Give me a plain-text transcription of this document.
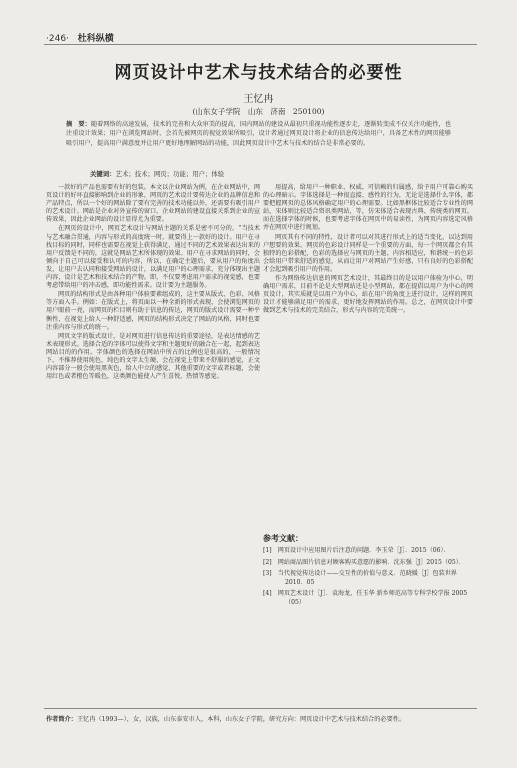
·246· 杜科纵横
网页设计中艺术与技术结合的必要性
王忆冉
(山东女子学院　山东　济南　250100)
摘　要：随着网络的高速发展，技术的完善和大众审美的提高，国内网站的建设从最初只重视功能性逐步走，逐渐转变成不仅关注功能性，也注重设计效果；用户在浏览网站时，会首先被网页的视觉效果所吸引，设计者通过网页设计将企业的信息传达给用户，具备艺术性的网页能够吸引用户，提高用户满意度并让用户更好地理解网站的功能，因此网页设计中艺术与技术的结合是非常必要的。
关键词：艺术；技术；网页；功能；用户；体验

一款好的产品也需要有好的包装。本文以企业网站为例，在企业网站中，网页设计的好坏直接影响到企业的形象，网页的艺术设计要传达企业的品牌信息和产品特点，所以一个好的网站除了要有完善的技术功能以外，还需要有吸引用户的艺术设计。网站是企业对外宣传的窗口，企业网站的建设直接关系到企业的宣传效果，因此企业网站的设计显得尤为重要。

在网页的设计中，网页艺术设计与网站主题的关系是密不可分的，“当技术与艺术融合贯通，内容与形式的高度统一时，就要得上一款好的设计。用户在寻找目标的同时，同样也需要在视觉上获得满足，通过不同的艺术效果表达出来的用户反馈是不同的，这就是网站艺术所体现的效果。用户在寻求网站的同时，会倾向于自己可以接受和认可的内容，所以，在确定主题后，要从用户的角度出发，让用户去认同和接受网站的设计，以满足用户的心理需求，充分体现出主题内容，设计是艺术和技术结合的产物。即，不仅要考虑用户需求的视觉感，也要考虑带给用户的冲击感，即功能性需求。设计要为主题服务。

网页的结构形式是由各种用户体验要素组成的，这主要从版式、色彩、风格等方面入手。例如：在版式上，将页面以一种全新的形式表现，会使浏览网页的用户眼前一亮，而网页的栏目则有助于信息的传达，网页的版式设计需要一种平衡性，在视觉上给人一种舒适感，网页的结构形式决定了网站的风格，同时也要注重内容与形式的统一。

网页文字的版式设计，是对网页进行信息传达的重要途径，是表达情感的艺术表现形式。选择合适的字体可以使得文字和主题更好的融合在一起，起到表达网站目的的作用。字体颜色的选择在网站中所占的比例也是很高的，一般情况下，不推荐使用纯色，纯色的文字太生硬，会在视觉上带来不舒服的感觉，正文内容部分一般会使用黑灰色，给人中立的感觉，其他重要的文字或者标题，会使用红色或者橙色等暖色，这类颜色能使人产生喜悦、热情等感觉。

用提高，给用户一种职业、权威、可信赖的归属感，给予用户可靠心购买的心理暗示。字体选择是一种很直接、感性的行为，无论是选择什么字体，都要把握网页的总体风格确定用户的心理需要。比如黑框体比较适合专业性的网站，宋体则比较适合资讯类网站，等，仿宋体适合表现古典、传统类的网页。而在选择字体的时候，也要考虑字体在网页中的易读性，为网页内容选定风格并在网页中进行规划。

网页其有不同的特性，设计者可以对其进行形式上的适当变化，以达到用户想要的效果。网页的色彩设计同样是一个重要的方面，每一个网页都会有其独特的色彩搭配，色彩的选择应与网页的主题、内容相适应，和谐统一的色彩会给用户带来舒适的感觉，从而让用户对网站产生好感，只有良好的色彩搭配才会起到吸引用户的作用。

作为网络传达信息的网页艺术设计，其最终目的是以用户体验为中心，明确用户需求，目前不论是大型网站还是小型网站，都在提倡以用户为中心的网页设计，其实质就是以用户为中心，站在用户的角度上进行设计，这样的网页设计才能够满足用户的需求，更好地发挥网站的作用。总之，在网页设计中要做到艺术与技术的完美结合，形式与内容的完美统一。

参考文献：
[1]　网页设计中应用图片后注意的问题．李玉荣［J］．2015（06）．
[2]　网站商品图片信息对顾客购买意愿的影响．沈东强［J］2015（05）．
[3]　当代视觉传达设计——交互性的价值与意义．范晓媛［J］包装世界 2010．05
[4]　网页艺术设计［J］．袁海龙，任玉华 新乡师范高等专科学校学报 2005（05）
作者简介：王忆冉（1993—），女，汉族，山东泰安市人，本科，山东女子学院，研究方向：网页设计中艺术与技术结合的必要性。
